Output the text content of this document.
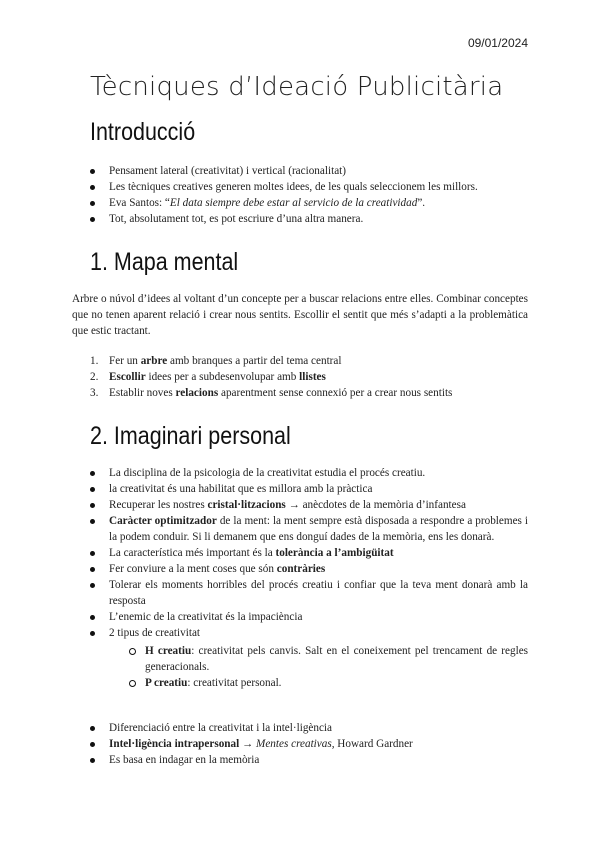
09/01/2024
Tècniques d’Ideació Publicitària
Introducció
Pensament lateral (creativitat) i vertical (racionalitat)
Les tècniques creatives generen moltes idees, de les quals seleccionem les millors.
Eva Santos: “El data siempre debe estar al servicio de la creatividad”.
Tot, absolutament tot, es pot escriure d’una altra manera.
1. Mapa mental

Arbre o núvol d’idees al voltant d’un concepte per a buscar relacions entre elles. Combinar conceptes que no tenen aparent relació i crear nous sentits. Escollir el sentit que més s’adapti a la problemàtica que estic tractant.

1. Fer un arbre amb branques a partir del tema central
2. Escollir idees per a subdesenvolupar amb llistes
3. Establir noves relacions aparentment sense connexió per a crear nous sentits
2. Imaginari personal
La disciplina de la psicologia de la creativitat estudia el procés creatiu.
la creativitat és una habilitat que es millora amb la pràctica
Recuperar les nostres cristal·litzacions → anècdotes de la memòria d’infantesa
Caràcter optimitzador de la ment: la ment sempre està disposada a respondre a problemes i la podem conduir. Si li demanem que ens donguí dades de la memòria, ens les donarà.
La característica més important és la tolerància a l’ambigüitat
Fer conviure a la ment coses que són contràries
Tolerar els moments horribles del procés creatiu i confiar que la teva ment donarà amb la resposta
L’enemic de la creativitat és la impaciència
2 tipus de creativitat
H creatiu: creativitat pels canvis. Salt en el coneixement pel trencament de regles generacionals.
P creatiu: creativitat personal.
Diferenciació entre la creativitat i la intel·ligència
Intel·ligència intrapersonal → Mentes creativas, Howard Gardner
Es basa en indagar en la memòria
